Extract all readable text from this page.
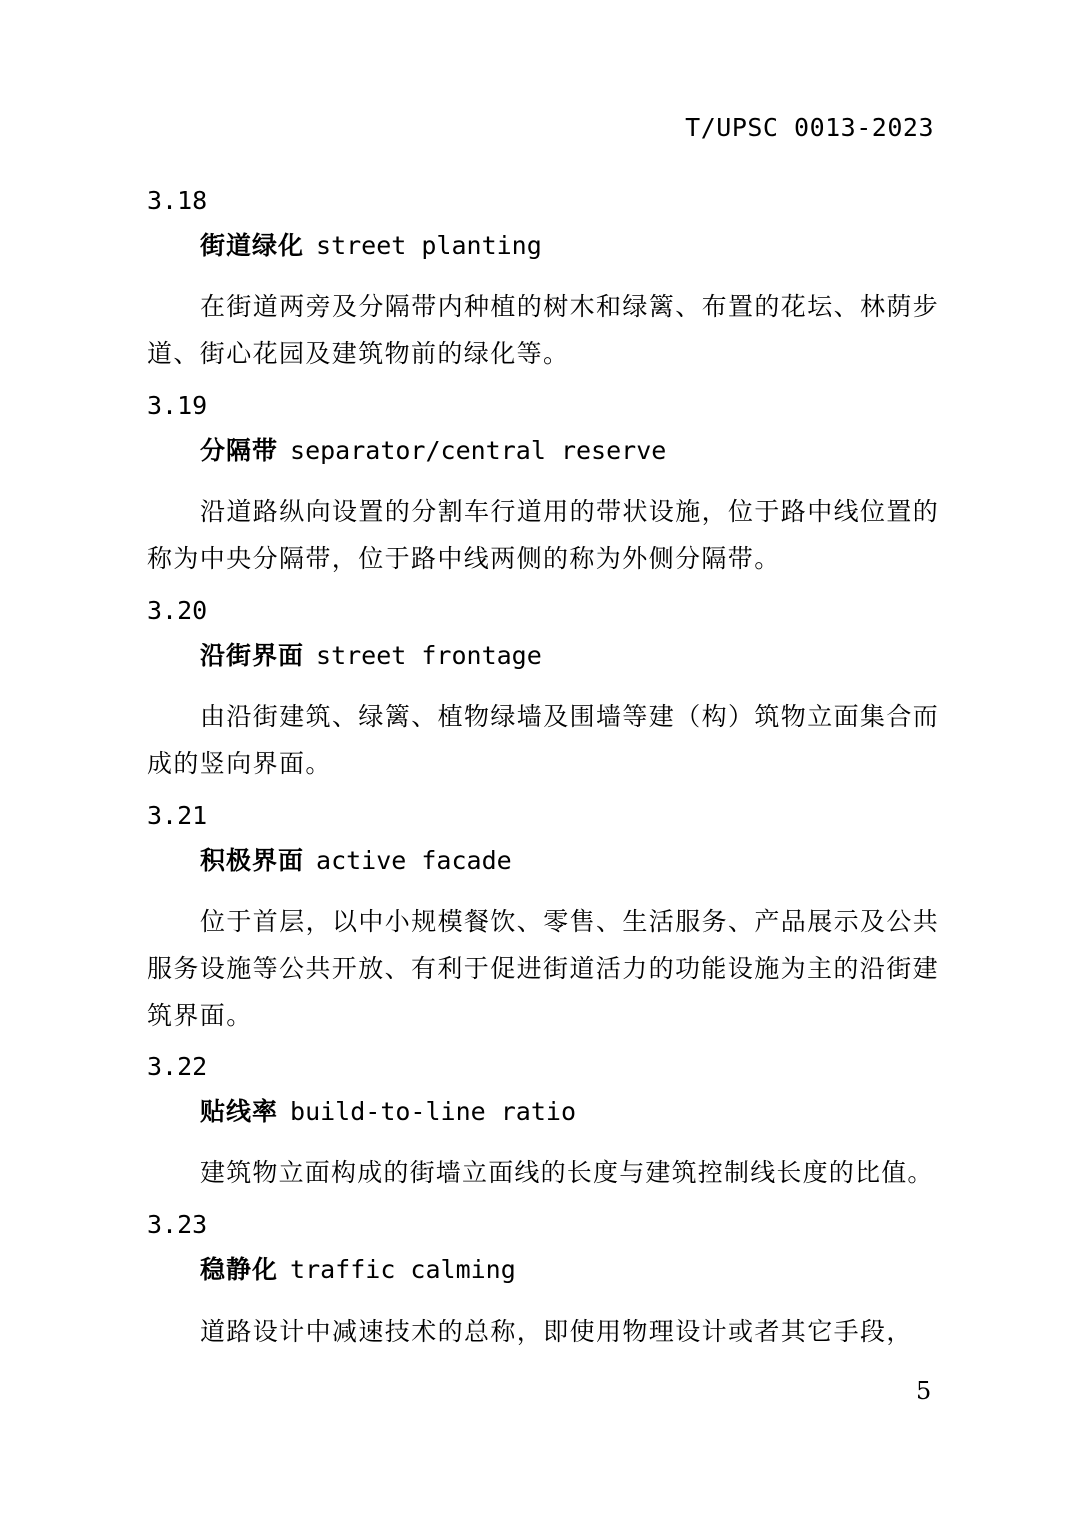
T/UPSC 0013-2023
3.18
街道绿化 street planting

在街道两旁及分隔带内种植的树木和绿篱、布置的花坛、林荫步道、街心花园及建筑物前的绿化等。

3.19
分隔带 separator/central reserve

沿道路纵向设置的分割车行道用的带状设施，位于路中线位置的称为中央分隔带，位于路中线两侧的称为外侧分隔带。

3.20
沿街界面 street frontage

由沿街建筑、绿篱、植物绿墙及围墙等建（构）筑物立面集合而成的竖向界面。

3.21
积极界面 active facade

位于首层，以中小规模餐饮、零售、生活服务、产品展示及公共服务设施等公共开放、有利于促进街道活力的功能设施为主的沿街建筑界面。

3.22
贴线率 build-to-line ratio

建筑物立面构成的街墙立面线的长度与建筑控制线长度的比值。

3.23
稳静化 traffic calming

道路设计中减速技术的总称，即使用物理设计或者其它手段，

5
